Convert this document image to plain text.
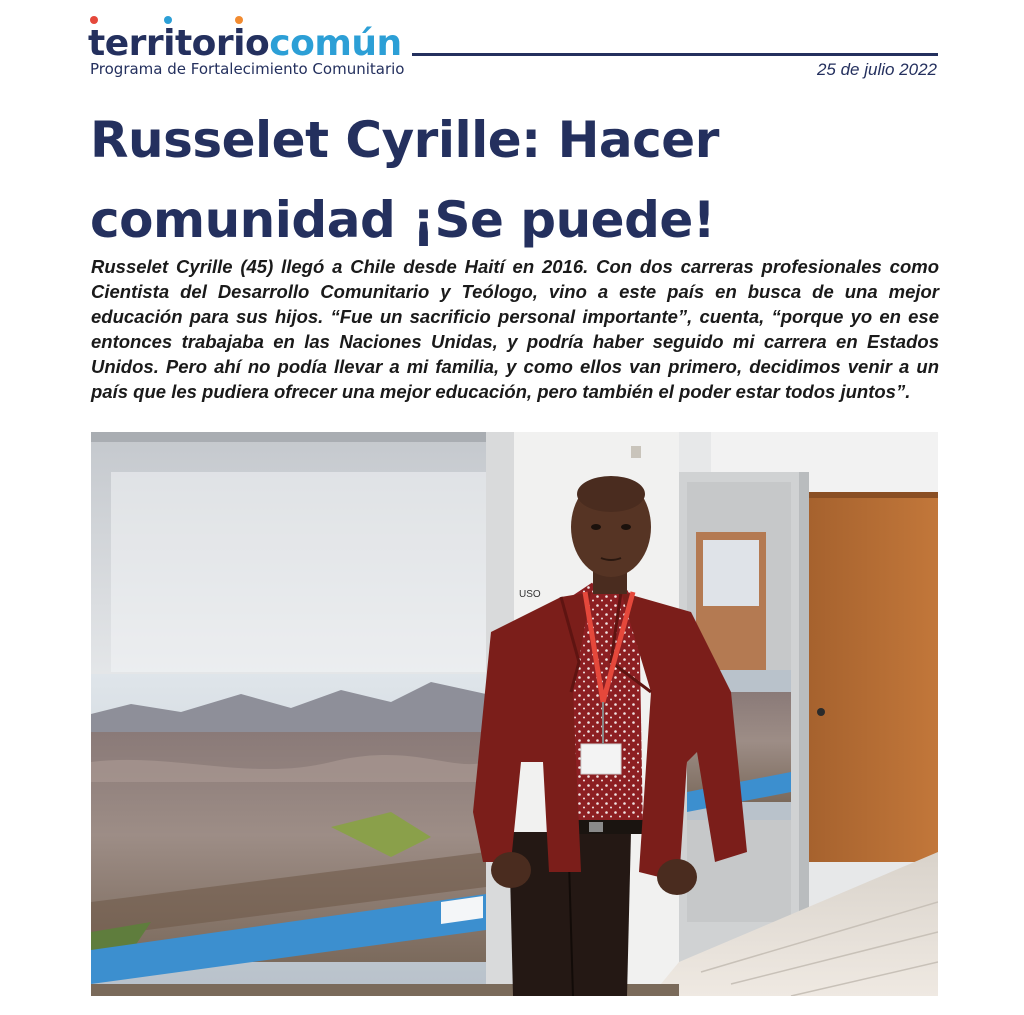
territoriocomún
Programa de Fortalecimiento Comunitario	25 de julio 2022
Russelet Cyrille: Hacer comunidad ¡Se puede!

Russelet Cyrille (45) llegó a Chile desde Haití en 2016. Con dos carreras profesionales como Cientista del Desarrollo Comunitario y Teólogo, vino a este país en busca de una mejor educación para sus hijos. “Fue un sacrificio personal importante”, cuenta, “porque yo en ese entonces trabajaba en las Naciones Unidas, y podría haber seguido mi carrera en Estados Unidos. Pero ahí no podía llevar a mi familia, y como ellos van primero, decidimos venir a un país que les pudiera ofrecer una mejor educación, pero también el poder estar todos juntos”.

USO
